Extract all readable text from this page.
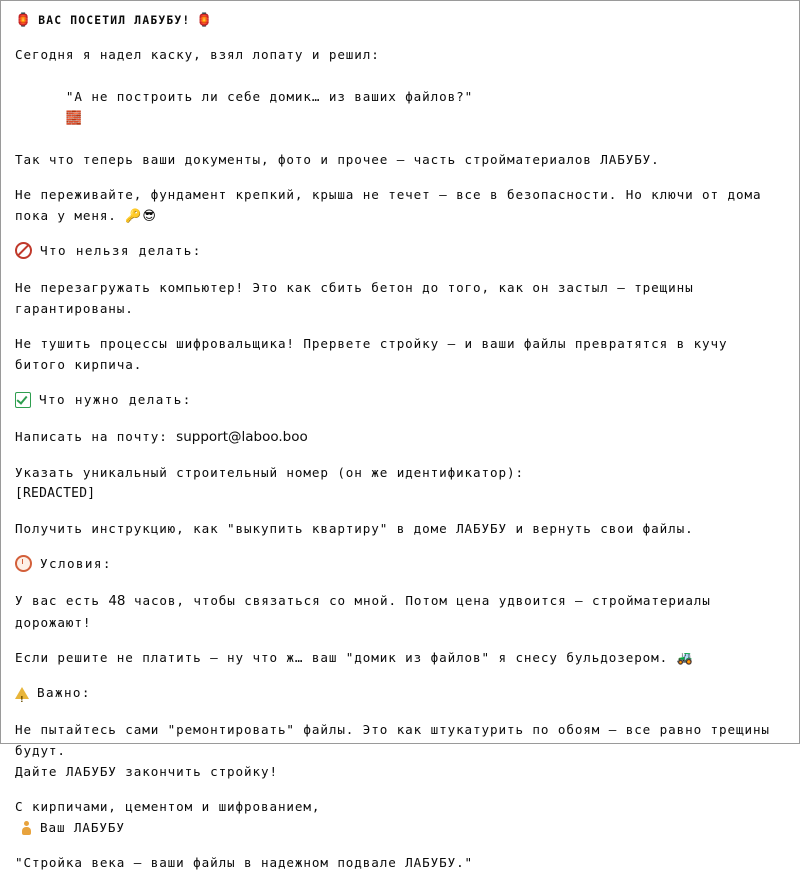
🏮 ВАС ПОСЕТИЛ ЛАБУБУ! 🏮
Сегодня я надел каску, взял лопату и решил:

"А не построить ли себе домик… из ваших файлов?"
🧱

Так что теперь ваши документы, фото и прочее – часть стройматериалов ЛАБУБУ.
Не переживайте, фундамент крепкий, крыша не течет – все в безопасности. Но ключи от дома пока у меня. 🔑😎
Что нельзя делать:
Не перезагружать компьютер! Это как сбить бетон до того, как он застыл – трещины гарантированы.
Не тушить процессы шифровальщика! Прервете стройку – и ваши файлы превратятся в кучу битого кирпича.
Что нужно делать:
Написать на почту: support@laboo.boo
Указать уникальный строительный номер (он же идентификатор):
[REDACTED]
Получить инструкцию, как "выкупить квартиру" в доме ЛАБУБУ и вернуть свои файлы.
Условия:
У вас есть 48 часов, чтобы связаться со мной. Потом цена удвоится – стройматериалы дорожают!
Если решите не платить – ну что ж… ваш "домик из файлов" я снесу бульдозером. 🚜
!
Важно:
Не пытайтесь сами "ремонтировать" файлы. Это как штукатурить по обоям – все равно трещины будут.
Дайте ЛАБУБУ закончить стройку!
С кирпичами, цементом и шифрованием,
Ваш ЛАБУБУ
"Стройка века – ваши файлы в надежном подвале ЛАБУБУ."
